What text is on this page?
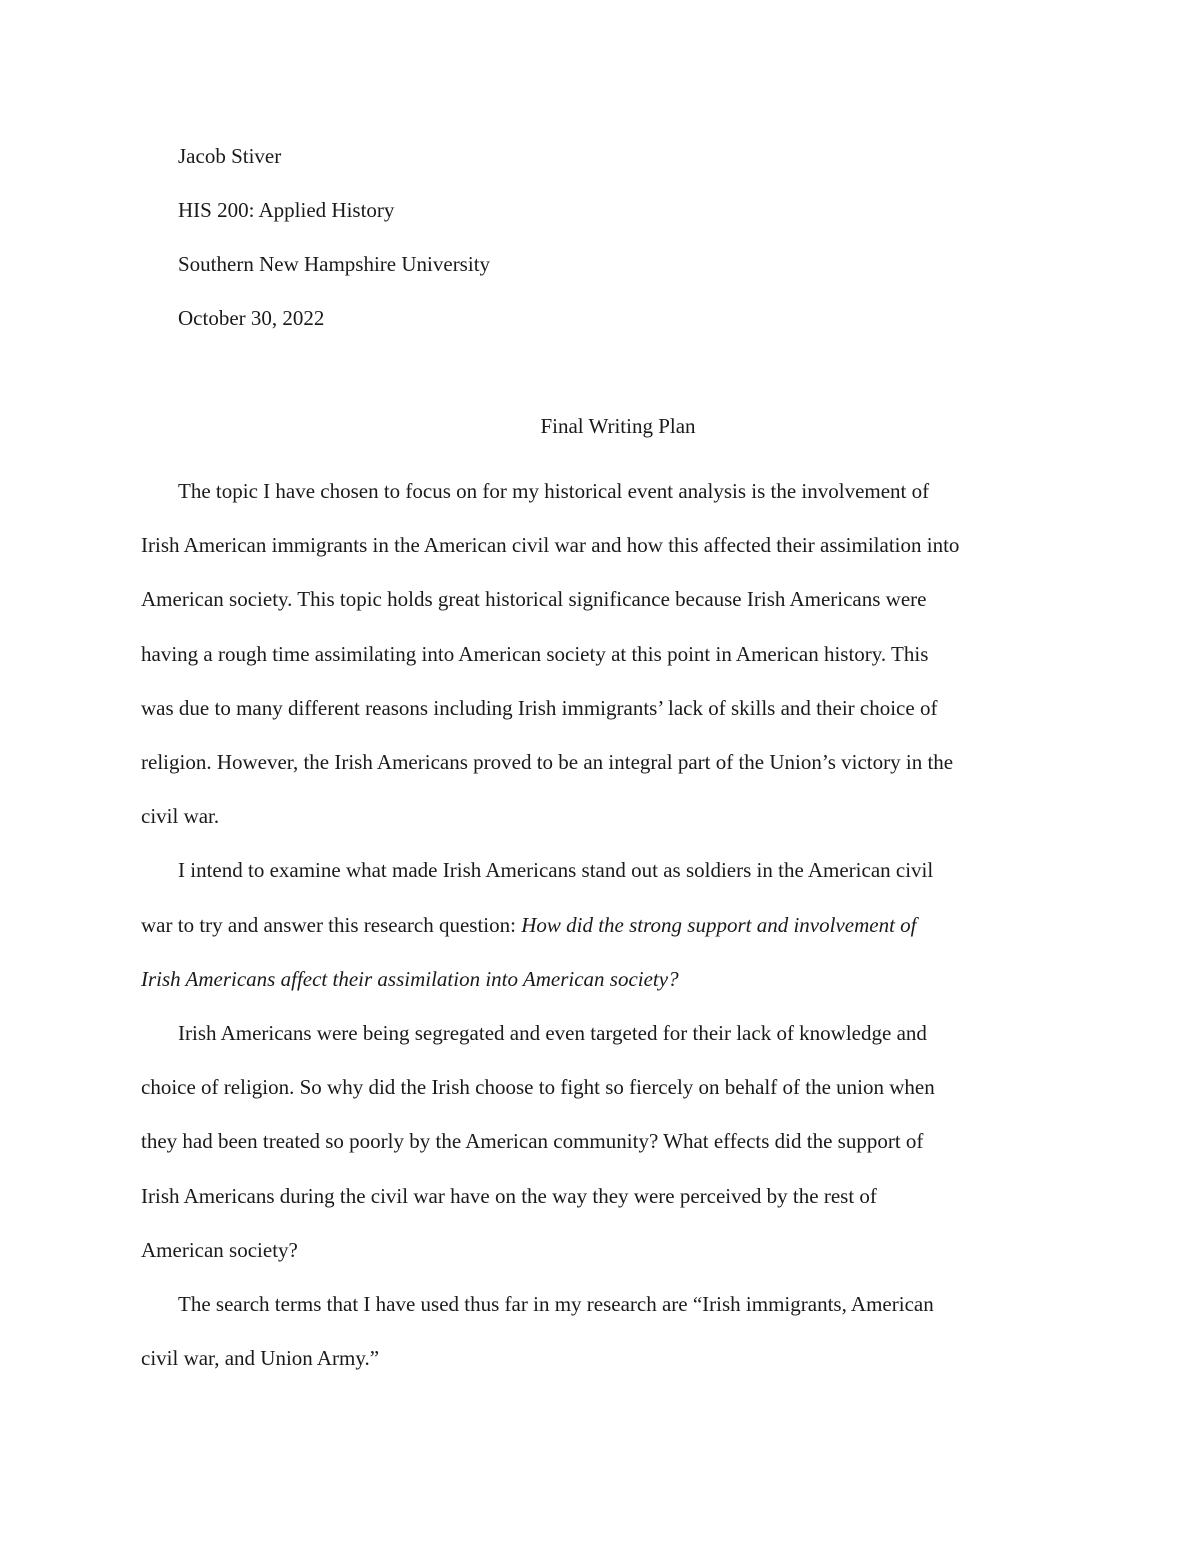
Jacob Stiver
HIS 200: Applied History
Southern New Hampshire University
October 30, 2022
Final Writing Plan
The topic I have chosen to focus on for my historical event analysis is the involvement of
Irish American immigrants in the American civil war and how this affected their assimilation into
American society. This topic holds great historical significance because Irish Americans were
having a rough time assimilating into American society at this point in American history. This
was due to many different reasons including Irish immigrants’ lack of skills and their choice of
religion. However, the Irish Americans proved to be an integral part of the Union’s victory in the
civil war.
I intend to examine what made Irish Americans stand out as soldiers in the American civil
war to try and answer this research question: How did the strong support and involvement of
Irish Americans affect their assimilation into American society?
Irish Americans were being segregated and even targeted for their lack of knowledge and
choice of religion. So why did the Irish choose to fight so fiercely on behalf of the union when
they had been treated so poorly by the American community? What effects did the support of
Irish Americans during the civil war have on the way they were perceived by the rest of
American society?
The search terms that I have used thus far in my research are “Irish immigrants, American
civil war, and Union Army.”
